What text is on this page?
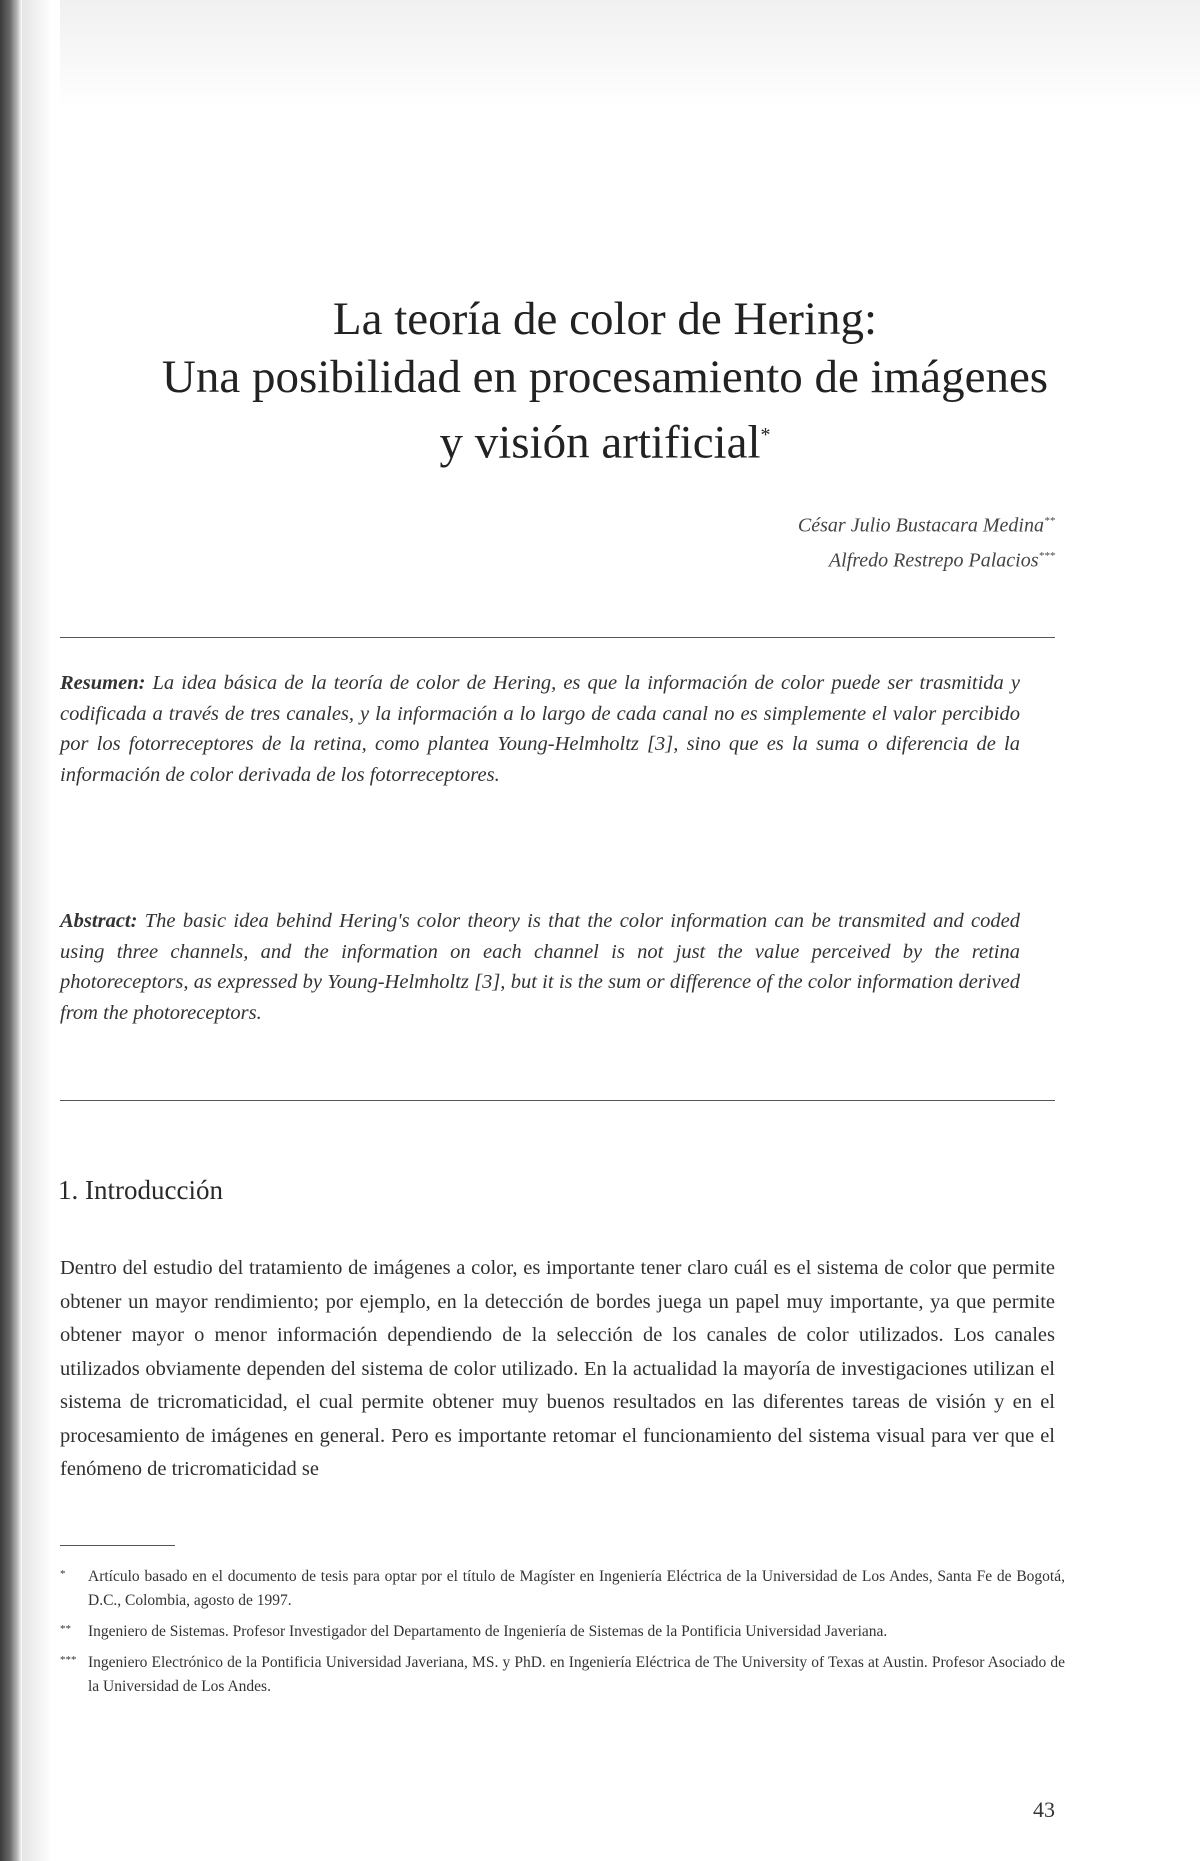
La teoría de color de Hering:
Una posibilidad en procesamiento de imágenes
y visión artificial*
César Julio Bustacara Medina**
Alfredo Restrepo Palacios***
Resumen: La idea básica de la teoría de color de Hering, es que la información de color puede ser trasmitida y codificada a través de tres canales, y la información a lo largo de cada canal no es simplemente el valor percibido por los fotorreceptores de la retina, como plantea Young-Helmholtz [3], sino que es la suma o diferencia de la información de color derivada de los fotorreceptores.
Abstract: The basic idea behind Hering's color theory is that the color information can be transmited and coded using three channels, and the information on each channel is not just the value perceived by the retina photoreceptors, as expressed by Young-Helmholtz [3], but it is the sum or difference of the color information derived from the photoreceptors.
1. Introducción

Dentro del estudio del tratamiento de imágenes a color, es importante tener claro cuál es el sistema de color que permite obtener un mayor rendimiento; por ejemplo, en la detección de bordes juega un papel muy importante, ya que permite obtener mayor o menor información dependiendo de la selección de los canales de color utilizados. Los canales utilizados obviamente dependen del sistema de color utilizado. En la actualidad la mayoría de investigaciones utilizan el sistema de tricromaticidad, el cual permite obtener muy buenos resultados en las diferentes tareas de visión y en el procesamiento de imágenes en general. Pero es importante retomar el funcionamiento del sistema visual para ver que el fenómeno de tricromaticidad se

* Artículo basado en el documento de tesis para optar por el título de Magíster en Ingeniería Eléctrica de la Universidad de Los Andes, Santa Fe de Bogotá, D.C., Colombia, agosto de 1997.
** Ingeniero de Sistemas. Profesor Investigador del Departamento de Ingeniería de Sistemas de la Pontificia Universidad Javeriana.
*** Ingeniero Electrónico de la Pontificia Universidad Javeriana, MS. y PhD. en Ingeniería Eléctrica de The University of Texas at Austin. Profesor Asociado de la Universidad de Los Andes.
43
